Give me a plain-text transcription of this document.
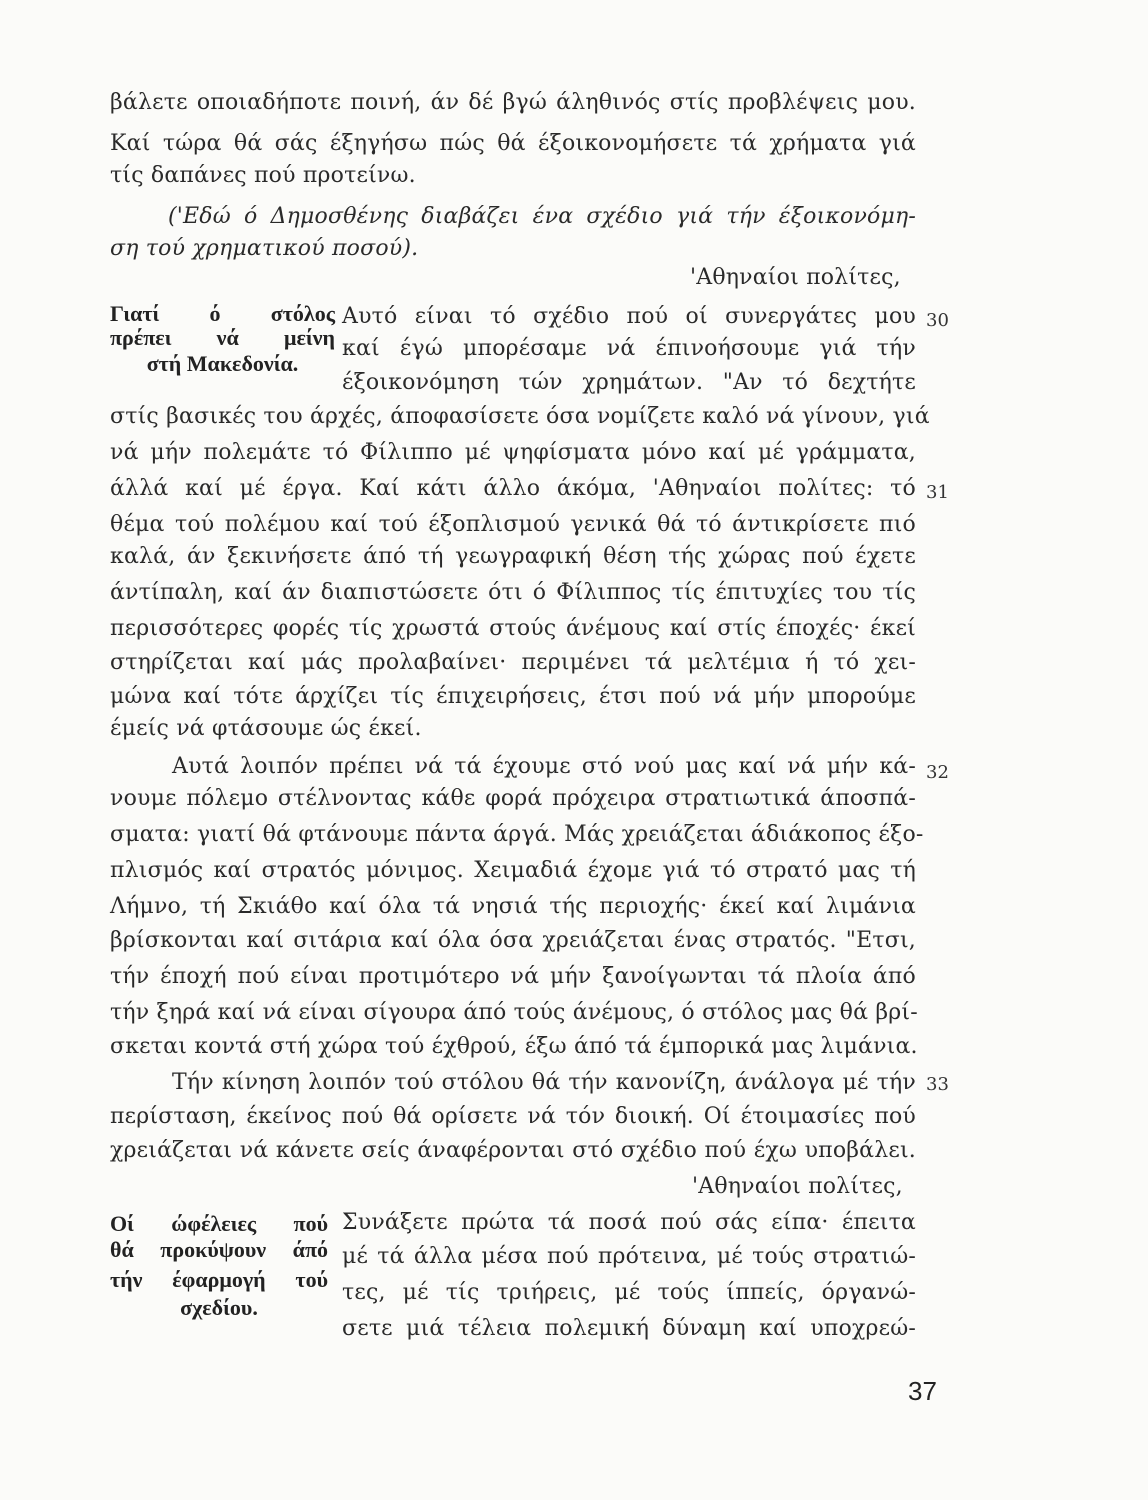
βάλετε οποιαδήποτε ποινή, άν δέ βγώ άληθινός στίς προβλέψεις μου.
Καί τώρα θά σάς έξηγήσω πώς θά έξοικονομήσετε τά χρήματα γιά
τίς δαπάνες πού προτείνω.
('Εδώ ό Δημοσθένης διαβάζει ένα σχέδιο γιά τήν έξοικονόμη-
ση τού χρηματικού ποσού).
'Αθηναίοι πολίτες,
Γιατί ό στόλος
πρέπει νά μείνη
στή Μακεδονία.
Αυτό είναι τό σχέδιο πού οί συνεργάτες μου
καί έγώ μπορέσαμε νά έπινοήσουμε γιά τήν
έξοικονόμηση τών χρημάτων. "Αν τό δεχτήτε
30
στίς βασικές του άρχές, άποφασίσετε όσα νομίζετε καλό νά γίνουν, γιά
νά μήν πολεμάτε τό Φίλιππο μέ ψηφίσματα μόνο καί μέ γράμματα,
άλλά καί μέ έργα. Καί κάτι άλλο άκόμα, 'Αθηναίοι πολίτες: τό
θέμα τού πολέμου καί τού έξοπλισμού γενικά θά τό άντικρίσετε πιό
καλά, άν ξεκινήσετε άπό τή γεωγραφική θέση τής χώρας πού έχετε
άντίπαλη, καί άν διαπιστώσετε ότι ό Φίλιππος τίς έπιτυχίες του τίς
περισσότερες φορές τίς χρωστά στούς άνέμους καί στίς έποχές· έκεί
στηρίζεται καί μάς προλαβαίνει· περιμένει τά μελτέμια ή τό χει-
μώνα καί τότε άρχίζει τίς έπιχειρήσεις, έτσι πού νά μήν μπορούμε
έμείς νά φτάσουμε ώς έκεί.
31
Αυτά λοιπόν πρέπει νά τά έχουμε στό νού μας καί νά μήν κά-
νουμε πόλεμο στέλνοντας κάθε φορά πρόχειρα στρατιωτικά άποσπά-
σματα: γιατί θά φτάνουμε πάντα άργά. Μάς χρειάζεται άδιάκοπος έξο-
πλισμός καί στρατός μόνιμος. Χειμαδιά έχομε γιά τό στρατό μας τή
Λήμνο, τή Σκιάθο καί όλα τά νησιά τής περιοχής· έκεί καί λιμάνια
βρίσκονται καί σιτάρια καί όλα όσα χρειάζεται ένας στρατός. "Ετσι,
τήν έποχή πού είναι προτιμότερο νά μήν ξανοίγωνται τά πλοία άπό
τήν ξηρά καί νά είναι σίγουρα άπό τούς άνέμους, ό στόλος μας θά βρί-
σκεται κοντά στή χώρα τού έχθρού, έξω άπό τά έμπορικά μας λιμάνια.
32
Τήν κίνηση λοιπόν τού στόλου θά τήν κανονίζη, άνάλογα μέ τήν
περίσταση, έκείνος πού θά ορίσετε νά τόν διοική. Οί έτοιμασίες πού
χρειάζεται νά κάνετε σείς άναφέρονται στό σχέδιο πού έχω υποβάλει.
33
'Αθηναίοι πολίτες,
Οί ώφέλειες πού
θά προκύψουν άπό
τήν έφαρμογή τού
σχεδίου.
Συνάξετε πρώτα τά ποσά πού σάς είπα· έπειτα
μέ τά άλλα μέσα πού πρότεινα, μέ τούς στρατιώ-
τες, μέ τίς τριήρεις, μέ τούς ίππείς, όργανώ-
σετε μιά τέλεια πολεμική δύναμη καί υποχρεώ-
37
